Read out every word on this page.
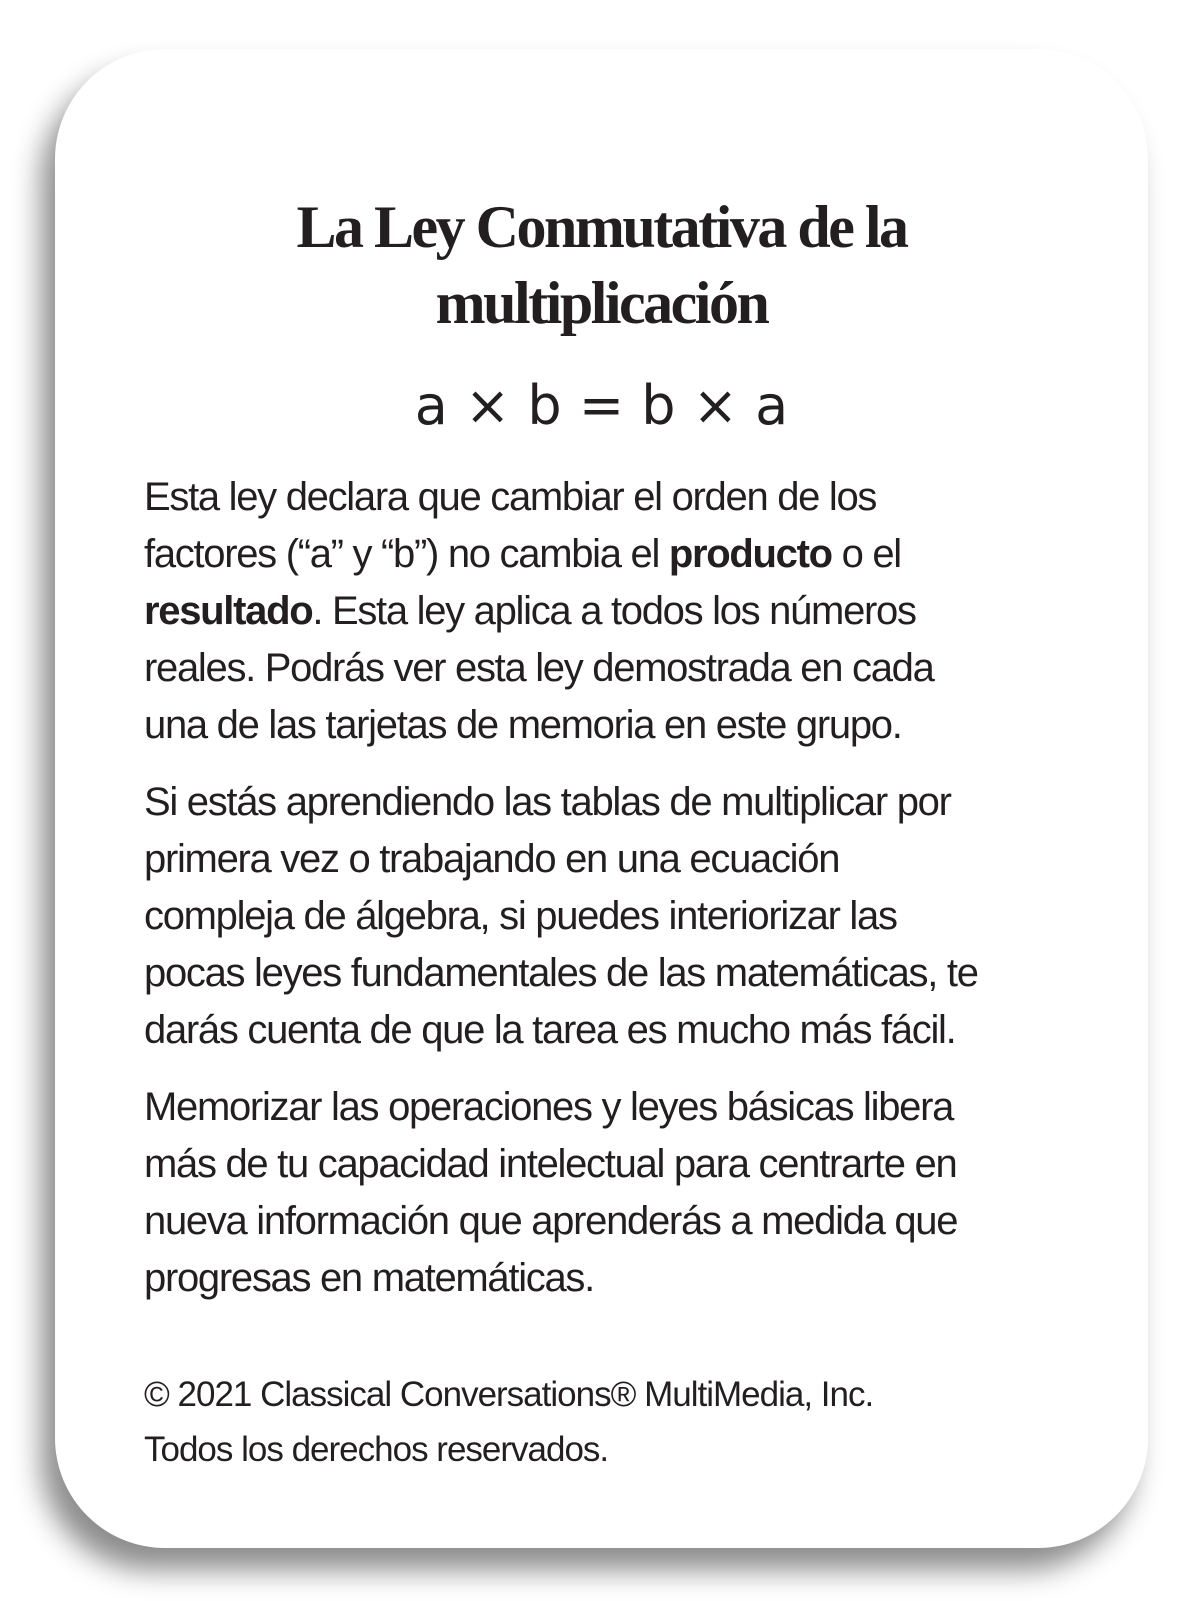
La Ley Conmutativa de la
multiplicación
a × b = b × a
Esta ley declara que cambiar el orden de los
factores (“a” y “b”) no cambia el producto o el
resultado. Esta ley aplica a todos los números
reales. Podrás ver esta ley demostrada en cada
una de las tarjetas de memoria en este grupo.
Si estás aprendiendo las tablas de multiplicar por
primera vez o trabajando en una ecuación
compleja de álgebra, si puedes interiorizar las
pocas leyes fundamentales de las matemáticas, te
darás cuenta de que la tarea es mucho más fácil.
Memorizar las operaciones y leyes básicas libera
más de tu capacidad intelectual para centrarte en
nueva información que aprenderás a medida que
progresas en matemáticas.
© 2021 Classical Conversations® MultiMedia, Inc.
Todos los derechos reservados.
